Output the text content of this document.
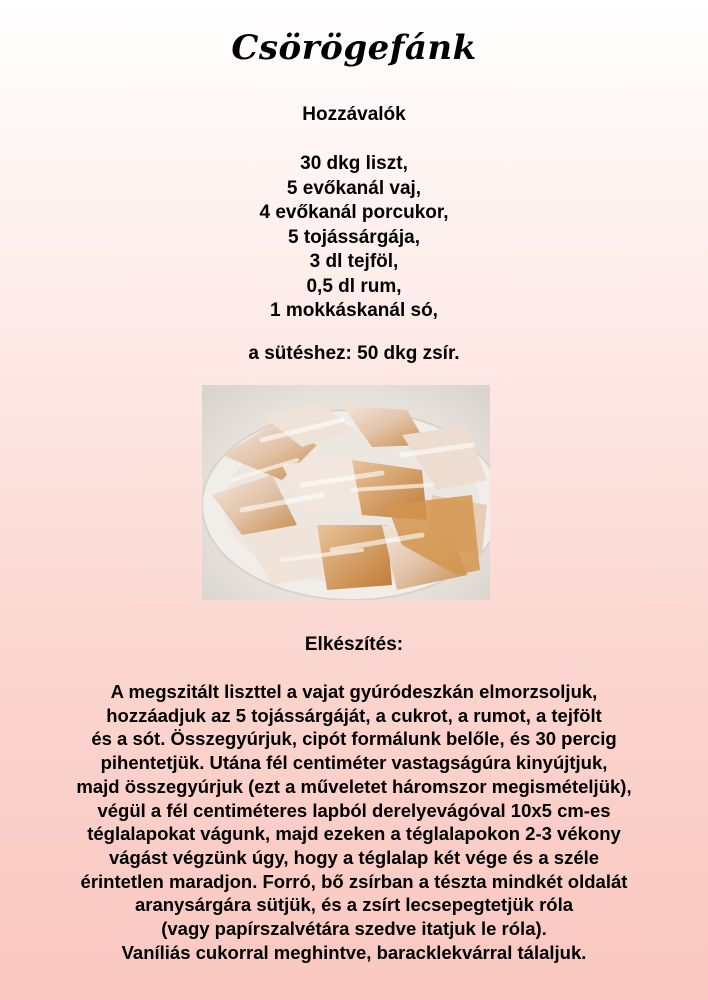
Csörögefánk
Hozzávalók
30 dkg liszt,
5 evőkanál vaj,
4 evőkanál porcukor,
5 tojássárgája,
3 dl tejföl,
0,5 dl rum,
1 mokkáskanál só,
a sütéshez: 50 dkg zsír.
Elkészítés:

A megszitált liszttel a vajat gyúródeszkán elmorzsoljuk,
hozzáadjuk az 5 tojássárgáját, a cukrot, a rumot, a tejfölt
és a sót. Összegyúrjuk, cipót formálunk belőle, és 30 percig
pihentetjük. Utána fél centiméter vastagságúra kinyújtjuk,
majd összegyúrjuk (ezt a műveletet háromszor megismételjük),
végül a fél centiméteres lapból derelyevágóval 10x5 cm-es
téglalapokat vágunk, majd ezeken a téglalapokon 2-3 vékony
vágást végzünk úgy, hogy a téglalap két vége és a széle
érintetlen maradjon. Forró, bő zsírban a tészta mindkét oldalát
aranysárgára sütjük, és a zsírt lecsepegtetjük róla
(vagy papírszalvétára szedve itatjuk le róla).
Vaníliás cukorral meghintve, baracklekvárral tálaljuk.
